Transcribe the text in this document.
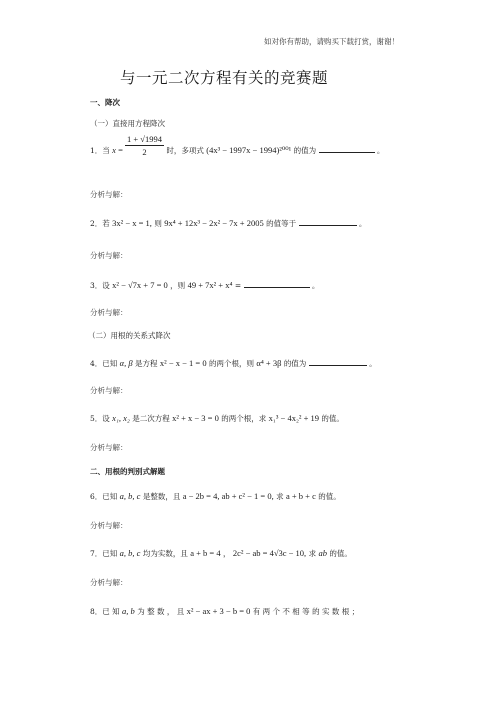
如对你有帮助，请购买下载打赏，谢谢！
与一元二次方程有关的竞赛题
一、降次
（一）直接用方程降次
1．当 $x = \frac{1 + √1994}{2}$ 时，多项式 (4x³ − 1997x − 1994)²⁰⁰¹ 的值为	。
分析与解：
2．若 3x² − x = 1, 则 9x⁴ + 12x³ − 2x² − 7x + 2005 的值等于	。
分析与解：
3．设 x² − √7x + 7 = 0 ，则 49 + 7x² + x⁴ =	。
分析与解：
（二）用根的关系式降次
4．已知 α, β 是方程 x² − x − 1 = 0 的两个根，则 α⁴ + 3β 的值为	。
分析与解：
5．设 x₁, x₂ 是二次方程 x² + x − 3 = 0 的两个根，求 x₁³ − 4x₂² + 19 的值。
分析与解：
二、用根的判别式解题
6．已知 a, b, c 是整数，且 a − 2b = 4, ab + c² − 1 = 0, 求 a + b + c 的值。
分析与解：
7．已知 a, b, c 均为实数，且 a + b = 4 ， 2c² − ab = 4√3c − 10, 求 ab 的值。
分析与解：
8．已 知 a, b 为 整 数 ， 且 x² − ax + 3 − b = 0 有 两 个 不 相 等 的 实 数 根 ；
